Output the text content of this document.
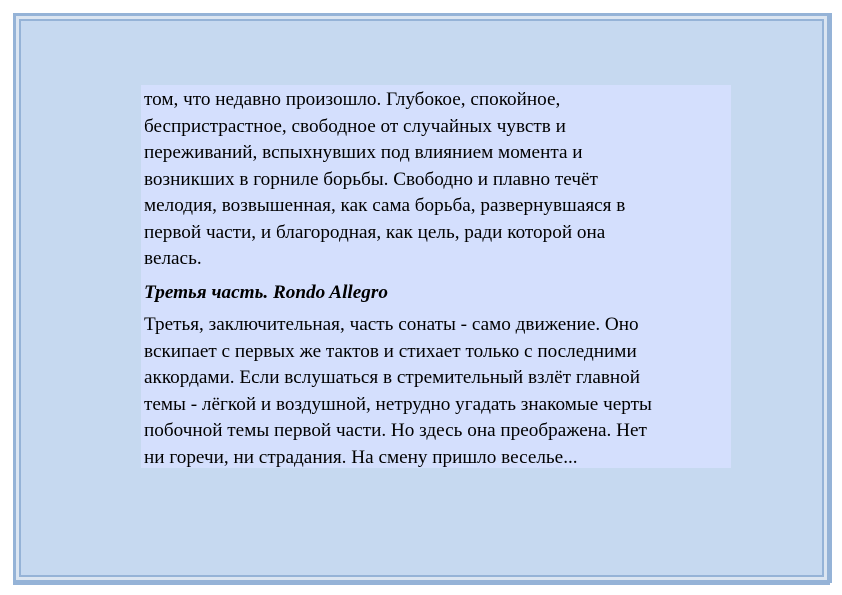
том, что недавно произошло. Глубокое, спокойное,
беспристрастное, свободное от случайных чувств и
переживаний, вспыхнувших под влиянием момента и
возникших в горниле борьбы. Свободно и плавно течёт
мелодия, возвышенная, как сама борьба, развернувшаяся в
первой части, и благородная, как цель, ради которой она
велась.

Третья часть. Rondo Allegro

Третья, заключительная, часть сонаты - само движение. Оно
вскипает с первых же тактов и стихает только с последними
аккордами. Если вслушаться в стремительный взлёт главной
темы - лёгкой и воздушной, нетрудно угадать знакомые черты
побочной темы первой части. Но здесь она преображена. Нет
ни горечи, ни страдания. На смену пришло веселье...
